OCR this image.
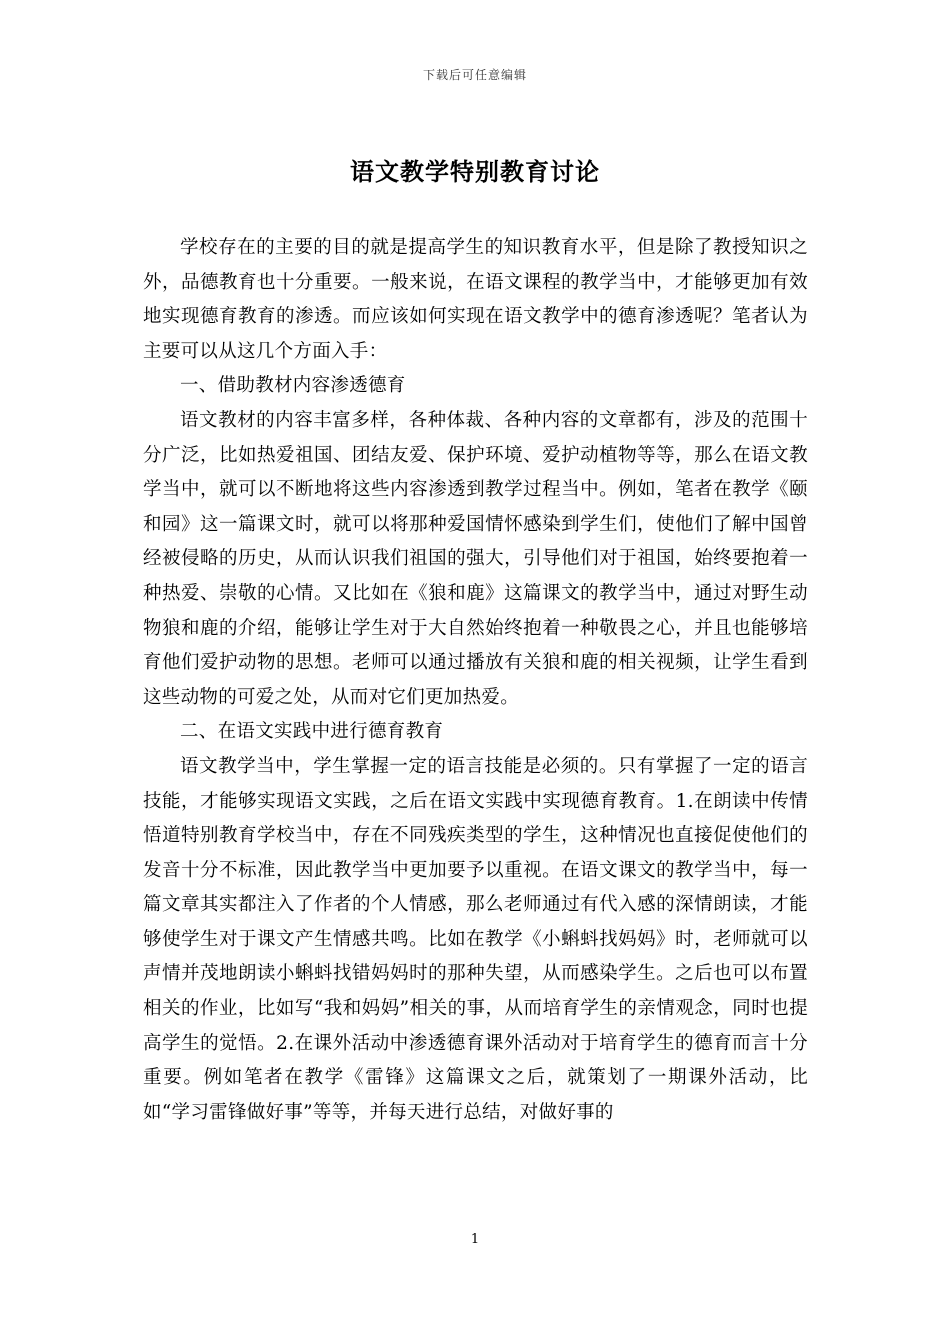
下载后可任意编辑
语文教学特别教育讨论

学校存在的主要的目的就是提高学生的知识教育水平，但是除了教授知识之外，品德教育也十分重要。一般来说，在语文课程的教学当中，才能够更加有效地实现德育教育的渗透。而应该如何实现在语文教学中的德育渗透呢？笔者认为主要可以从这几个方面入手：

一、借助教材内容渗透德育

语文教材的内容丰富多样，各种体裁、各种内容的文章都有，涉及的范围十分广泛，比如热爱祖国、团结友爱、保护环境、爱护动植物等等，那么在语文教学当中，就可以不断地将这些内容渗透到教学过程当中。例如，笔者在教学《颐和园》这一篇课文时，就可以将那种爱国情怀感染到学生们，使他们了解中国曾经被侵略的历史，从而认识我们祖国的强大，引导他们对于祖国，始终要抱着一种热爱、崇敬的心情。又比如在《狼和鹿》这篇课文的教学当中，通过对野生动物狼和鹿的介绍，能够让学生对于大自然始终抱着一种敬畏之心，并且也能够培育他们爱护动物的思想。老师可以通过播放有关狼和鹿的相关视频，让学生看到这些动物的可爱之处，从而对它们更加热爱。

二、在语文实践中进行德育教育

语文教学当中，学生掌握一定的语言技能是必须的。只有掌握了一定的语言技能，才能够实现语文实践，之后在语文实践中实现德育教育。1.在朗读中传情悟道特别教育学校当中，存在不同残疾类型的学生，这种情况也直接促使他们的发音十分不标准，因此教学当中更加要予以重视。在语文课文的教学当中，每一篇文章其实都注入了作者的个人情感，那么老师通过有代入感的深情朗读，才能够使学生对于课文产生情感共鸣。比如在教学《小蝌蚪找妈妈》时，老师就可以声情并茂地朗读小蝌蚪找错妈妈时的那种失望，从而感染学生。之后也可以布置相关的作业，比如写“我和妈妈”相关的事，从而培育学生的亲情观念，同时也提高学生的觉悟。2.在课外活动中渗透德育课外活动对于培育学生的德育而言十分重要。例如笔者在教学《雷锋》这篇课文之后，就策划了一期课外活动，比如“学习雷锋做好事”等等，并每天进行总结，对做好事的

1
